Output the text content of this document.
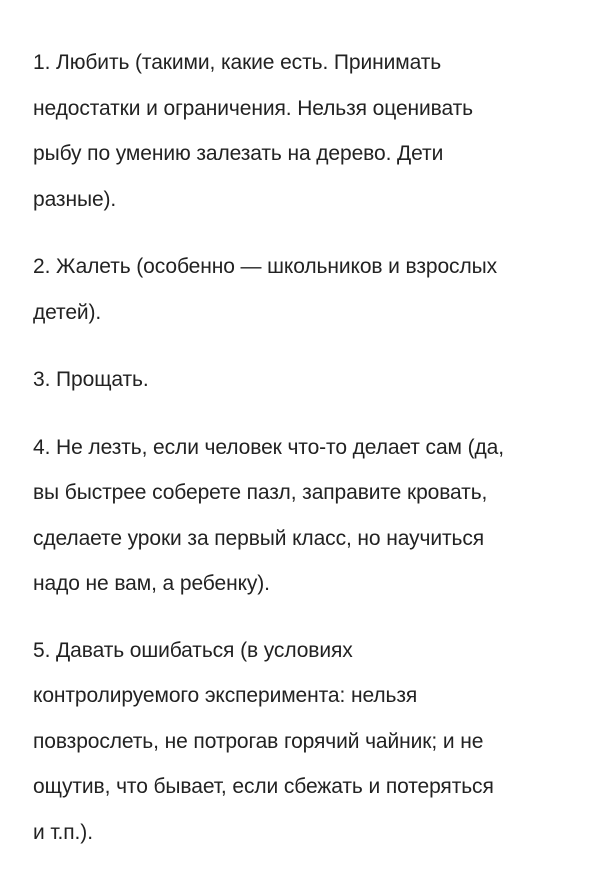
1. Любить (такими, какие есть. Принимать
недостатки и ограничения. Нельзя оценивать
рыбу по умению залезать на дерево. Дети
разные).

2. Жалеть (особенно — школьников и взрослых
детей).

3. Прощать.

4. Не лезть, если человек что-то делает сам (да,
вы быстрее соберете пазл, заправите кровать,
сделаете уроки за первый класс, но научиться
надо не вам, а ребенку).

5. Давать ошибаться (в условиях
контролируемого эксперимента: нельзя
повзрослеть, не потрогав горячий чайник; и не
ощутив, что бывает, если сбежать и потеряться
и т.п.).
